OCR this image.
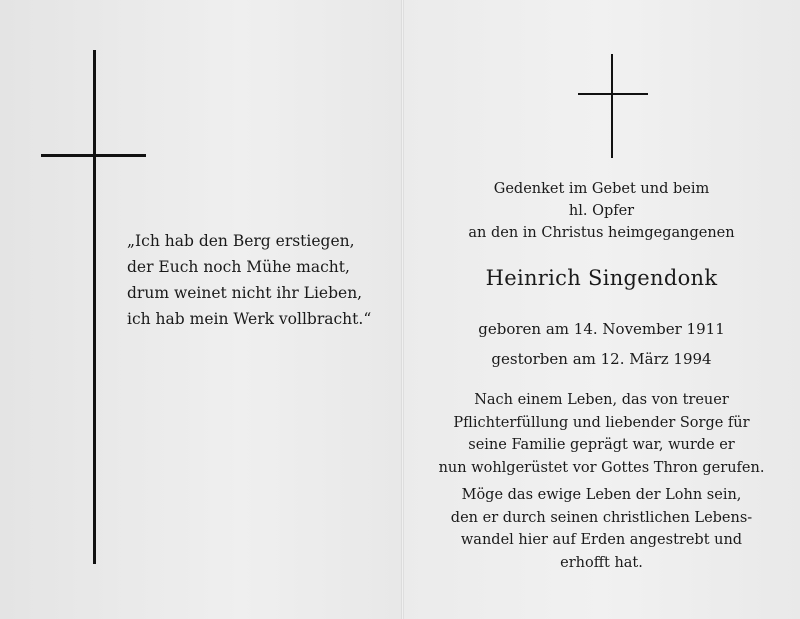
„Ich hab den Berg erstiegen,
der Euch noch Mühe macht,
drum weinet nicht ihr Lieben,
ich hab mein Werk vollbracht.“
Gedenket im Gebet und beim
hl. Opfer
an den in Christus heimgegangenen
Heinrich Singendonk
geboren am 14. November 1911
gestorben am 12. März 1994
Nach einem Leben, das von treuer
Pflichterfüllung und liebender Sorge für
seine Familie geprägt war, wurde er
nun wohlgerüstet vor Gottes Thron gerufen.
Möge das ewige Leben der Lohn sein,
den er durch seinen christlichen Lebens-
wandel hier auf Erden angestrebt und
erhofft hat.
